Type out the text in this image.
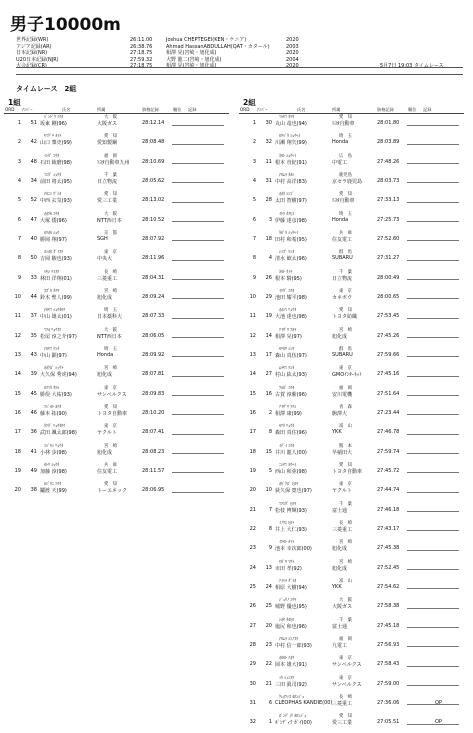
男子10000m
世界記録(WR)	26:11.00	Joshua CHEPTEGEI(KEN・ケニア)	2020
アジア記録(AR)	26:38.76	Ahmad HassanABDULLAH(QAT・カタール)	2003
日本記録(NR)	27:18.75	相澤 晃(宮崎・旭化成)	2020
U20日本記録(NJR)	27:59.32	大野 龍二(宮崎・旭化成)	2004
大会記録(CR)	27:18.75	相澤 晃(宮崎・旭化成)	2020	5月7日 19:03 タイムレース
タイムレース　2組
1組
ORD ﾅﾝﾊﾞｰ	氏名	所属	資格記録	順位 記録
1	51
ﾊﾞﾝﾄﾞｳ ﾕｳｷ
坂東 剛(96)
大　阪
大阪ガス	28:12.14
2	42
ﾔﾏｸﾞﾁ ｶｲﾄ
山口 稟史(99)
愛　知
愛知製鋼	28:08.48
3	48
ｲｼﾀﾞ ﾕｳｷ
石田 綾磨(98)
福　岡
ﾄﾖﾀ自動車九州 28:10.69
4	34
ﾏｴﾀﾞ ｼｮｳﾀ
前田 将太(95)
千　葉
日立物流	28:05.62
5	52
ﾅｶﾆｼ ｹﾞﾝｷ
中西 玄気(93)
愛　知
愛三工業	28:13.02
6	47
ｵｵﾂｶ ﾕｳｷ
大塚 倭(96)
大　阪
NTT西日本	28:10.52
7	40
ｶﾂｵｶ ｼｮｳ
勝岡 翔(97)
京　都
SGH	28:07.92
8	50
ﾖｼｵｶ ﾀﾞｲｽｹ
吉岡 駿也(93)
東　京
中央大	28:11.96
9	33
ﾊﾔｼ ｹｲｽｹ
林田 洋翔(01)
長　崎
三菱重工	28:04.31
10	44
ｽｽﾞｷ ﾀﾂﾔ
鈴木 聖人(99)
宮　崎
旭化成	28:09.24
11	37
ﾅｶﾔﾏ ｼｮｳﾀﾛｳ
中山 雄太(01)
埼　玉
日本薬科大	28:07.33
12	35
ﾏﾂｵ ﾘｮｳｽｹ
松尾 淳之介(97)
大　阪
NTT西日本	28:06.05
13	43
ﾅｶﾔﾏ ｹﾝﾀ
中山 顕(97)
埼　玉
Honda	28:09.92
14	39
ｵｵｸﾎﾞ ｼｭｳﾄ
大久保 秀虎(94)
宮　崎
旭化成	28:07.81
15	45
ｶﾂﾏﾀ ﾀｹﾙ
勝俣 大祐(93)
東　京
サンベルクス	28:09.83
16	46
ﾌｼﾞﾓﾄ ｶﾅﾀ
藤本 拓(90)
愛　知
トヨタ自動車	28:10.20
17	36
ﾀｹﾀﾞ ﾘｮｳﾀﾛｳ
武田 颯太郎(98)
東　京
ヤクルト	28:07.41
18	41
ｺﾊﾞﾔｼ ﾘｮｳﾀ
小林 歩(98)
宮　崎
旭化成	28:08.23
19	49
ｶﾄｳ ｼｮｳﾀ
加藤 淳(98)
兵　庫
住友電工	28:11.57
20	38
ｶｼﾞﾀﾆ ﾕｳﾀ
鬮渡 天(99)
愛　知
トーエネック	28:06.95
2組
ORD ﾅﾝﾊﾞｰ	氏名	所属	資格記録	順位 記録
1	30
ﾏﾙﾔﾏ ﾀﾂﾔ
丸山 竜也(94)
愛　知
ﾄﾖﾀ自動車	28:01.80
2	32
ｶﾜﾊﾞﾀ ｼｮｳﾍｲ
川瀬 翔矢(99)
埼　玉
Honda	28:03.89
3	11
ﾈﾓﾄ ｼｮｳﾍｲ
根本 直紀(91)
広　島
中電工	27:48.26
4	31
ﾅｶﾑﾗ ﾀｶｼ
中村 高洋(83)
鹿児島
京セラ鹿児島	28:03.73
5	28
ｵｵﾀ ｼﾝｺﾞ
太田 智樹(97)
愛　知
ﾄﾖﾀ自動車	27:33.13
6	3
ｲﾄｳ ﾀﾂﾋｺ
伊藤 達彦(98)
埼　玉
Honda	27:25.73
7	18
ﾀｶﾞﾀ ｼｭｳﾍｲ
田村 和希(95)
兵　庫
住友電工	27:52.60
8	4
ｼﾐｽﾞ ｹﾝﾀ
清水 歓太(96)
群　馬
SUBARU	27:31.27
9	26
ﾈﾓﾄ ﾀｲﾁ
根本 騎(95)
千　葉
日立物流	28:00.49
10	29
ｲｹﾀﾞ ﾕｳｷ
池田 耀平(98)
東　京
カネボウ	28:00.65
11	19
ｵｵｼﾏ ﾘｮｳﾀ
大池 達也(98)
愛　知
トヨタ紡織	27:53.45
12	14
ｱｲｻﾞﾜ ｱｷﾗ
相澤 晃(97)
宮　崎
旭化成	27:45.26
13	17
ﾓﾘｶﾜ ｼﾝﾔ
森山 真伍(97)
群　馬
SUBARU	27:59.66
14	27
ﾑﾗﾔﾏ ｹﾝﾀ
村山 紘太(93)
東　京
GMOｲﾝﾀｰﾈｯﾄ	27:45.16
15	16
ﾌﾙｶﾞ ﾕｳｷ
古賀 淳紫(96)
福　岡
安川電機	27:51.64
16	2
ｱｲｻﾞﾜ ｱﾂｼ
相澤 康(99)
青　森
駒澤大	27:23.44
17	8
ﾓﾘﾀ ﾘｮｳﾀ
森田 真住(96)
富　山
YKK	27:46.78
18	15
ｲﾃﾞｲ ﾕｳｷ
井川 龍人(00)
熊　本
早稲田大	27:59.74
19	5
ﾆｼﾔﾏ ﾖｳﾍｲ
西山 和弥(98)
愛　知
トヨタ自動車	27:45.72
20	10
ｵｷﾞｸﾎﾞ ﾋﾛﾔ
荻久保 寛也(97)
東　京
ヤクルト	27:44.74
21	7
ﾏﾂｴﾀﾞ ﾋﾛﾔ
松枝 博輝(93)
千　葉
富士通	27:46.18
22	8
ｲﾉｳｴ ﾋﾛﾄ
井上 大仁(93)
長　崎
三菱重工	27:43.17
23	9
ｲｹﾓﾄ ｶｲﾄ
池本 幸次郎(00)
宮　崎
旭化成	27:45.38
24	13
ﾔｶﾞﾜ ﾏｻﾄ
市田 孝(92)
宮　崎
旭化成	27:52.45
25	24
ｱｲﾊﾗ ﾀﾞｲｷ
相原 大樹(94)
富　山
YKK	27:54.62
26	25
ｼﾞｮｳﾉ ﾕｳﾔ
城野 優也(95)
大　阪
大阪ガス	27:58.38
27	20
ｼｵﾔ ﾀｶﾋﾛ
塩尻 和也(96)
千　葉
富士通	27:45.18
28	23
ﾅｶﾑﾗ ｼﾝﾉｽｹ
中村 信一郎(93)
福　岡
九電工	27:56.93
29	22
ｵｶﾓﾄ ﾅｵﾔ
岡本 雄大(91)
東　京
サンベルクス	27:58.43
30	21
ﾐﾀ ｼｭﾝｽｹ
三田 眞司(92)
東　京
サンベルクス	27:59.00
31	6
ｸﾚｵﾌｧｽ ｶﾛﾝｼﾞｮ
CLEOPHAS KANDIE(00)
長　崎
三菱重工	27:36.06	OP
32	1
ﾎﾞﾝﾃﾞｨｸ ｶﾛﾝｼﾞｮ
ﾎﾞﾝﾃﾞｨｸ ｶﾞｲ(00)
愛　知
愛三工業	27:05.51	OP
